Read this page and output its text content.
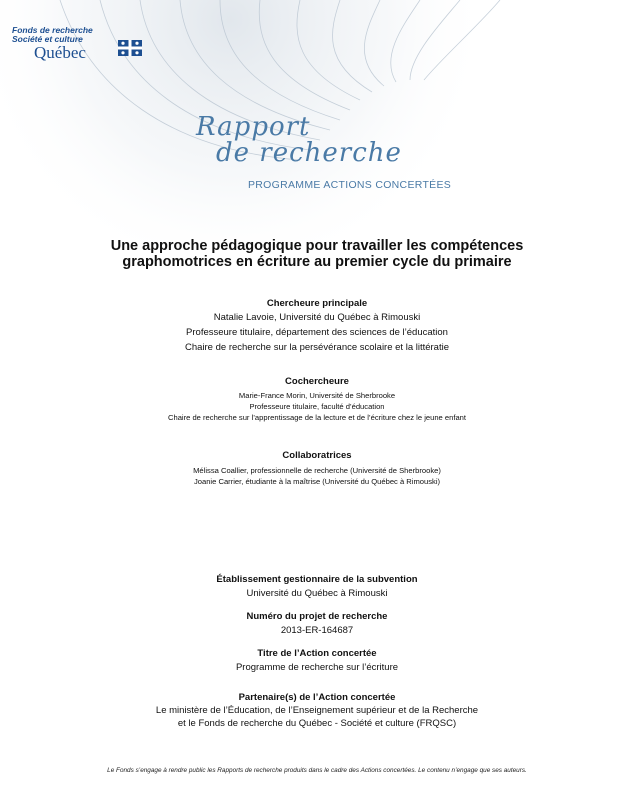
Fonds de recherche
Société et culture
Québec
Rapport
de recherche
PROGRAMME ACTIONS CONCERTÉES
Une approche pédagogique pour travailler les compétences
graphomotrices en écriture au premier cycle du primaire
Chercheure principale
Natalie Lavoie, Université du Québec à Rimouski
Professeure titulaire, département des sciences de l’éducation
Chaire de recherche sur la persévérance scolaire et la littératie
Cochercheure
Marie-France Morin, Université de Sherbrooke
Professeure titulaire, faculté d’éducation
Chaire de recherche sur l’apprentissage de la lecture et de l’écriture chez le jeune enfant
Collaboratrices
Mélissa Coallier, professionnelle de recherche (Université de Sherbrooke)
Joanie Carrier, étudiante à la maîtrise (Université du Québec à Rimouski)
Établissement gestionnaire de la subvention
Université du Québec à Rimouski
Numéro du projet de recherche
2013-ER-164687
Titre de l’Action concertée
Programme de recherche sur l’écriture
Partenaire(s) de l’Action concertée
Le ministère de l’Éducation, de l’Enseignement supérieur et de la Recherche
et le Fonds de recherche du Québec - Société et culture (FRQSC)
Le Fonds s’engage à rendre public les Rapports de recherche produits dans le cadre des Actions concertées. Le contenu n’engage que ses auteurs.
